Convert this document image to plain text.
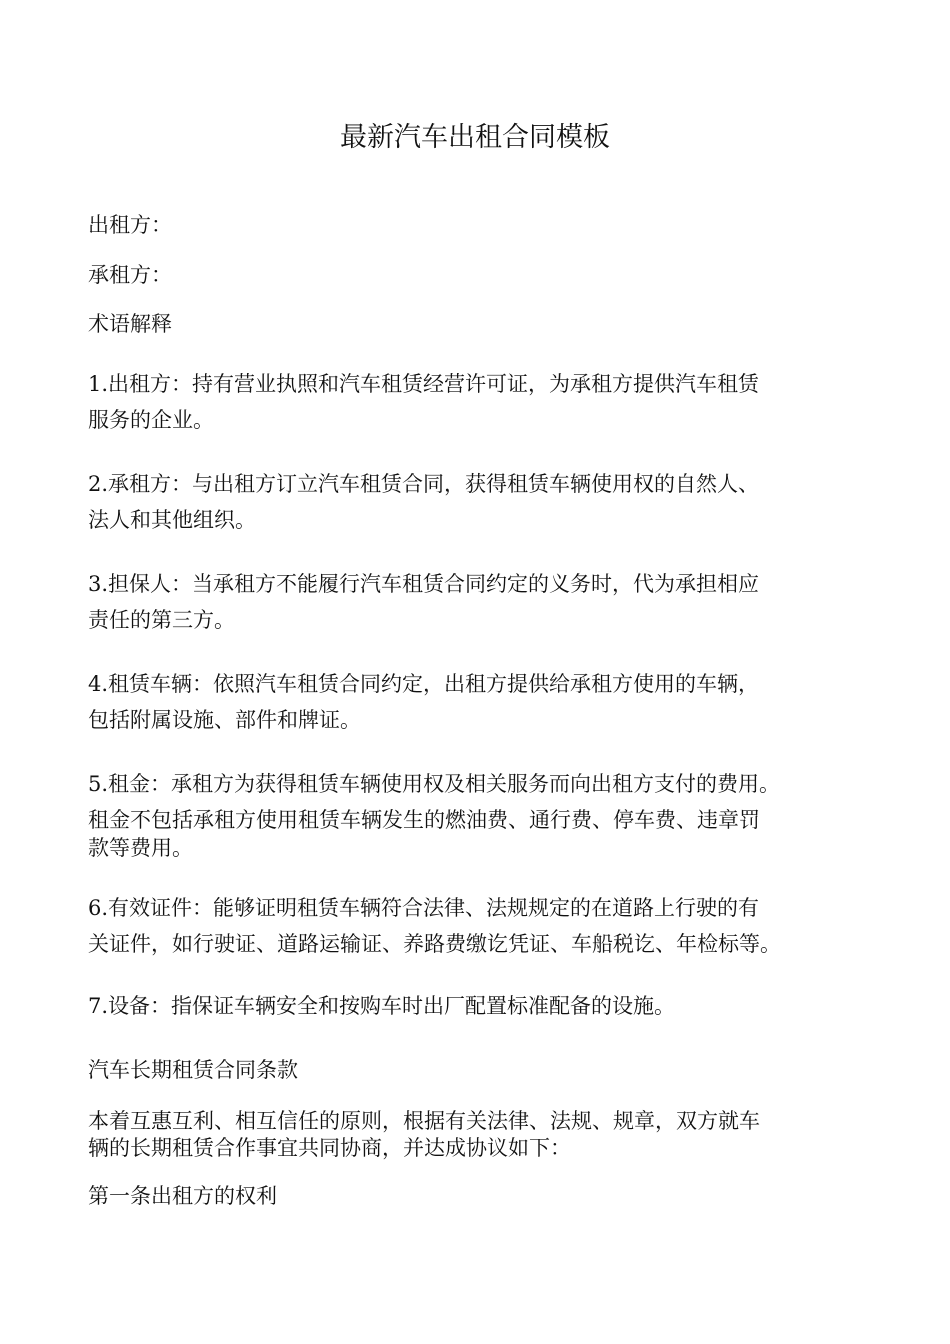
最新汽车出租合同模板

出租方：

承租方：

术语解释

1.出租方：持有营业执照和汽车租赁经营许可证，为承租方提供汽车租赁
服务的企业。
2.承租方：与出租方订立汽车租赁合同，获得租赁车辆使用权的自然人、
法人和其他组织。
3.担保人：当承租方不能履行汽车租赁合同约定的义务时，代为承担相应
责任的第三方。
4.租赁车辆：依照汽车租赁合同约定，出租方提供给承租方使用的车辆，
包括附属设施、部件和牌证。
5.租金：承租方为获得租赁车辆使用权及相关服务而向出租方支付的费用。
租金不包括承租方使用租赁车辆发生的燃油费、通行费、停车费、违章罚
款等费用。
6.有效证件：能够证明租赁车辆符合法律、法规规定的在道路上行驶的有
关证件，如行驶证、道路运输证、养路费缴讫凭证、车船税讫、年检标等。

7.设备：指保证车辆安全和按购车时出厂配置标准配备的设施。

汽车长期租赁合同条款

本着互惠互利、相互信任的原则，根据有关法律、法规、规章，双方就车
辆的长期租赁合作事宜共同协商，并达成协议如下：

第一条出租方的权利
